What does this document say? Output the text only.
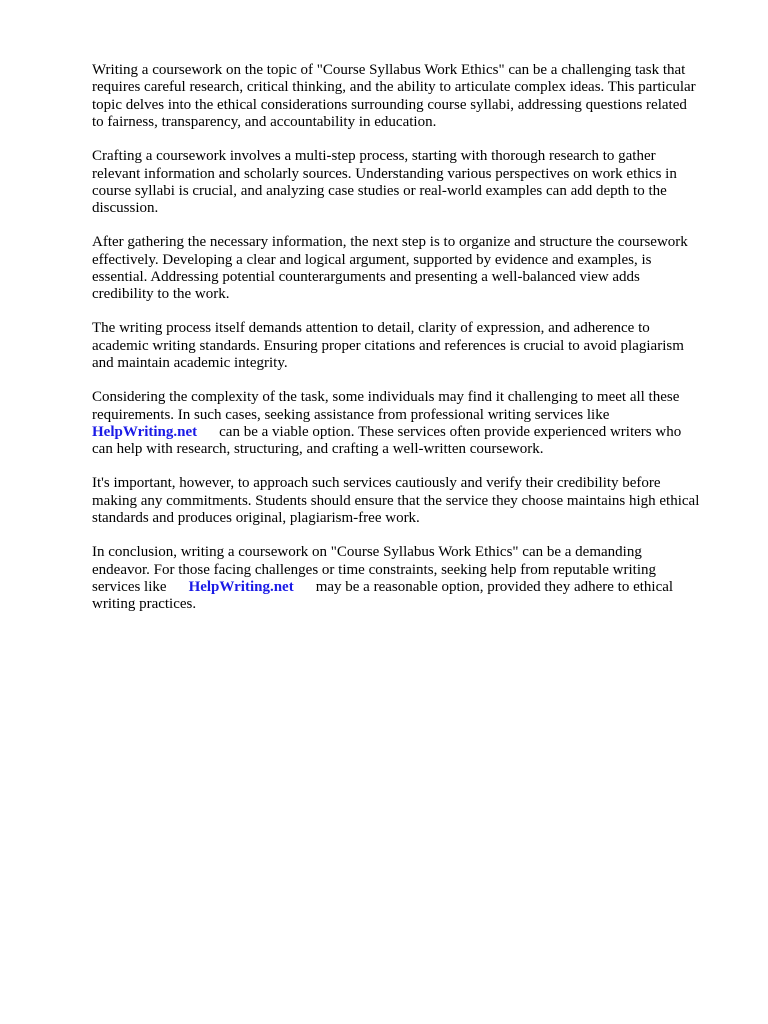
Writing a coursework on the topic of "Course Syllabus Work Ethics" can be a challenging task that
requires careful research, critical thinking, and the ability to articulate complex ideas. This particular
topic delves into the ethical considerations surrounding course syllabi, addressing questions related
to fairness, transparency, and accountability in education.

Crafting a coursework involves a multi-step process, starting with thorough research to gather
relevant information and scholarly sources. Understanding various perspectives on work ethics in
course syllabi is crucial, and analyzing case studies or real-world examples can add depth to the
discussion.

After gathering the necessary information, the next step is to organize and structure the coursework
effectively. Developing a clear and logical argument, supported by evidence and examples, is
essential. Addressing potential counterarguments and presenting a well-balanced view adds
credibility to the work.

The writing process itself demands attention to detail, clarity of expression, and adherence to
academic writing standards. Ensuring proper citations and references is crucial to avoid plagiarism
and maintain academic integrity.

Considering the complexity of the task, some individuals may find it challenging to meet all these
requirements. In such cases, seeking assistance from professional writing services like
HelpWriting.net can be a viable option. These services often provide experienced writers who
can help with research, structuring, and crafting a well-written coursework.

It's important, however, to approach such services cautiously and verify their credibility before
making any commitments. Students should ensure that the service they choose maintains high ethical
standards and produces original, plagiarism-free work.

In conclusion, writing a coursework on "Course Syllabus Work Ethics" can be a demanding
endeavor. For those facing challenges or time constraints, seeking help from reputable writing
services like HelpWriting.net may be a reasonable option, provided they adhere to ethical
writing practices.
